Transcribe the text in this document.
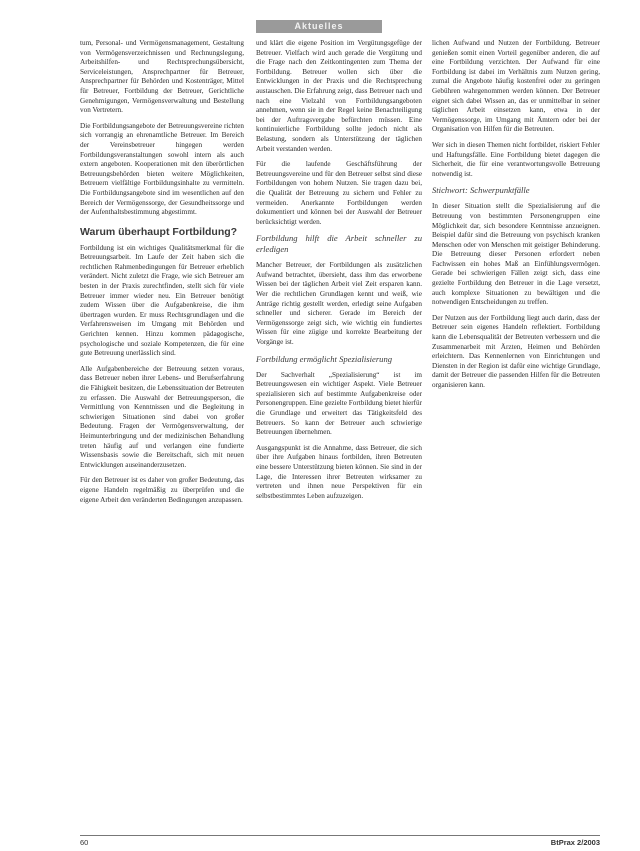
Aktuelles

tum, Personal- und Vermögensmanagement, Gestaltung von Vermögensverzeichnissen und Rechnungslegung, Arbeitshilfen- und Rechtsprechungsübersicht, Serviceleistungen, Ansprechpartner für Betreuer, Ansprechpartner für Behörden und Kostenträger, Mittel für Betreuer, Fortbildung der Betreuer, Gerichtliche Genehmigungen, Vermögensverwaltung und Bestellung von Vertretern.

Die Fortbildungsangebote der Betreuungsvereine richten sich vorrangig an ehrenamtliche Betreuer. Im Bereich der Vereinsbetreuer hingegen werden Fortbildungsveranstaltungen sowohl intern als auch extern angeboten. Kooperationen mit den überörtlichen Betreuungsbehörden bieten weitere Möglichkeiten, Betreuern vielfältige Fortbildungsinhalte zu vermitteln. Die Fortbildungsangebote sind im wesentlichen auf den Bereich der Vermögenssorge, der Gesundheitssorge und der Aufenthaltsbestimmung abgestimmt.

Warum überhaupt Fortbildung?

Fortbildung ist ein wichtiges Qualitätsmerkmal für die Betreuungsarbeit. Im Laufe der Zeit haben sich die rechtlichen Rahmenbedingungen für Betreuer erheblich verändert. Nicht zuletzt die Frage, wie sich Betreuer am besten in der Praxis zurechtfinden, stellt sich für viele Betreuer immer wieder neu. Ein Betreuer benötigt zudem Wissen über die Aufgabenkreise, die ihm übertragen wurden. Er muss Rechtsgrundlagen und die Verfahrensweisen im Umgang mit Behörden und Gerichten kennen. Hinzu kommen pädagogische, psychologische und soziale Kompetenzen, die für eine gute Betreuung unerlässlich sind.

Alle Aufgabenbereiche der Betreuung setzen voraus, dass Betreuer neben ihrer Lebens- und Berufserfahrung die Fähigkeit besitzen, die Lebenssituation der Betreuten zu erfassen. Die Auswahl der Betreuungsperson, die Vermittlung von Kenntnissen und die Begleitung in schwierigen Situationen sind dabei von großer Bedeutung. Fragen der Vermögensverwaltung, der Heimunterbringung und der medizinischen Behandlung treten häufig auf und verlangen eine fundierte Wissensbasis sowie die Bereitschaft, sich mit neuen Entwicklungen auseinanderzusetzen.

Für den Betreuer ist es daher von großer Bedeutung, das eigene Handeln regelmäßig zu überprüfen und die eigene Arbeit den veränderten Bedingungen anzupassen.

und klärt die eigene Position im Vergütungsgefüge der Betreuer. Vielfach wird auch gerade die Vergütung und die Frage nach den Zeitkontingenten zum Thema der Fortbildung. Betreuer wollen sich über die Entwicklungen in der Praxis und die Rechtsprechung austauschen. Die Erfahrung zeigt, dass Betreuer nach und nach eine Vielzahl von Fortbildungsangeboten annehmen, wenn sie in der Regel keine Benachteiligung bei der Auftragsvergabe befürchten müssen. Eine kontinuierliche Fortbildung sollte jedoch nicht als Belastung, sondern als Unterstützung der täglichen Arbeit verstanden werden.

Für die laufende Geschäftsführung der Betreuungsvereine und für den Betreuer selbst sind diese Fortbildungen von hohem Nutzen. Sie tragen dazu bei, die Qualität der Betreuung zu sichern und Fehler zu vermeiden. Anerkannte Fortbildungen werden dokumentiert und können bei der Auswahl der Betreuer berücksichtigt werden.

Fortbildung hilft die Arbeit schneller zu erledigen

Mancher Betreuer, der Fortbildungen als zusätzlichen Aufwand betrachtet, übersieht, dass ihm das erworbene Wissen bei der täglichen Arbeit viel Zeit ersparen kann. Wer die rechtlichen Grundlagen kennt und weiß, wie Anträge richtig gestellt werden, erledigt seine Aufgaben schneller und sicherer. Gerade im Bereich der Vermögenssorge zeigt sich, wie wichtig ein fundiertes Wissen für eine zügige und korrekte Bearbeitung der Vorgänge ist.

Fortbildung ermöglicht Spezialisierung

Der Sachverhalt „Spezialisierung“ ist im Betreuungswesen ein wichtiger Aspekt. Viele Betreuer spezialisieren sich auf bestimmte Aufgabenkreise oder Personengruppen. Eine gezielte Fortbildung bietet hierfür die Grundlage und erweitert das Tätigkeitsfeld des Betreuers. So kann der Betreuer auch schwierige Betreuungen übernehmen.

Ausgangspunkt ist die Annahme, dass Betreuer, die sich über ihre Aufgaben hinaus fortbilden, ihren Betreuten eine bessere Unterstützung bieten können. Sie sind in der Lage, die Interessen ihrer Betreuten wirksamer zu vertreten und ihnen neue Perspektiven für ein selbstbestimmtes Leben aufzuzeigen.

lichen Aufwand und Nutzen der Fortbildung. Betreuer genießen somit einen Vorteil gegenüber anderen, die auf eine Fortbildung verzichten. Der Aufwand für eine Fortbildung ist dabei im Verhältnis zum Nutzen gering, zumal die Angebote häufig kostenfrei oder zu geringen Gebühren wahrgenommen werden können. Der Betreuer eignet sich dabei Wissen an, das er unmittelbar in seiner täglichen Arbeit einsetzen kann, etwa in der Vermögenssorge, im Umgang mit Ämtern oder bei der Organisation von Hilfen für die Betreuten.

Wer sich in diesen Themen nicht fortbildet, riskiert Fehler und Haftungsfälle. Eine Fortbildung bietet dagegen die Sicherheit, die für eine verantwortungsvolle Betreuung notwendig ist.

Stichwort: Schwerpunktfälle

In dieser Situation stellt die Spezialisierung auf die Betreuung von bestimmten Personengruppen eine Möglichkeit dar, sich besondere Kenntnisse anzueignen. Beispiel dafür sind die Betreuung von psychisch kranken Menschen oder von Menschen mit geistiger Behinderung. Die Betreuung dieser Personen erfordert neben Fachwissen ein hohes Maß an Einfühlungsvermögen. Gerade bei schwierigen Fällen zeigt sich, dass eine gezielte Fortbildung den Betreuer in die Lage versetzt, auch komplexe Situationen zu bewältigen und die notwendigen Entscheidungen zu treffen.

Der Nutzen aus der Fortbildung liegt auch darin, dass der Betreuer sein eigenes Handeln reflektiert. Fortbildung kann die Lebensqualität der Betreuten verbessern und die Zusammenarbeit mit Ärzten, Heimen und Behörden erleichtern. Das Kennenlernen von Einrichtungen und Diensten in der Region ist dafür eine wichtige Grundlage, damit der Betreuer die passenden Hilfen für die Betreuten organisieren kann.

60	BtPrax 2/2003
